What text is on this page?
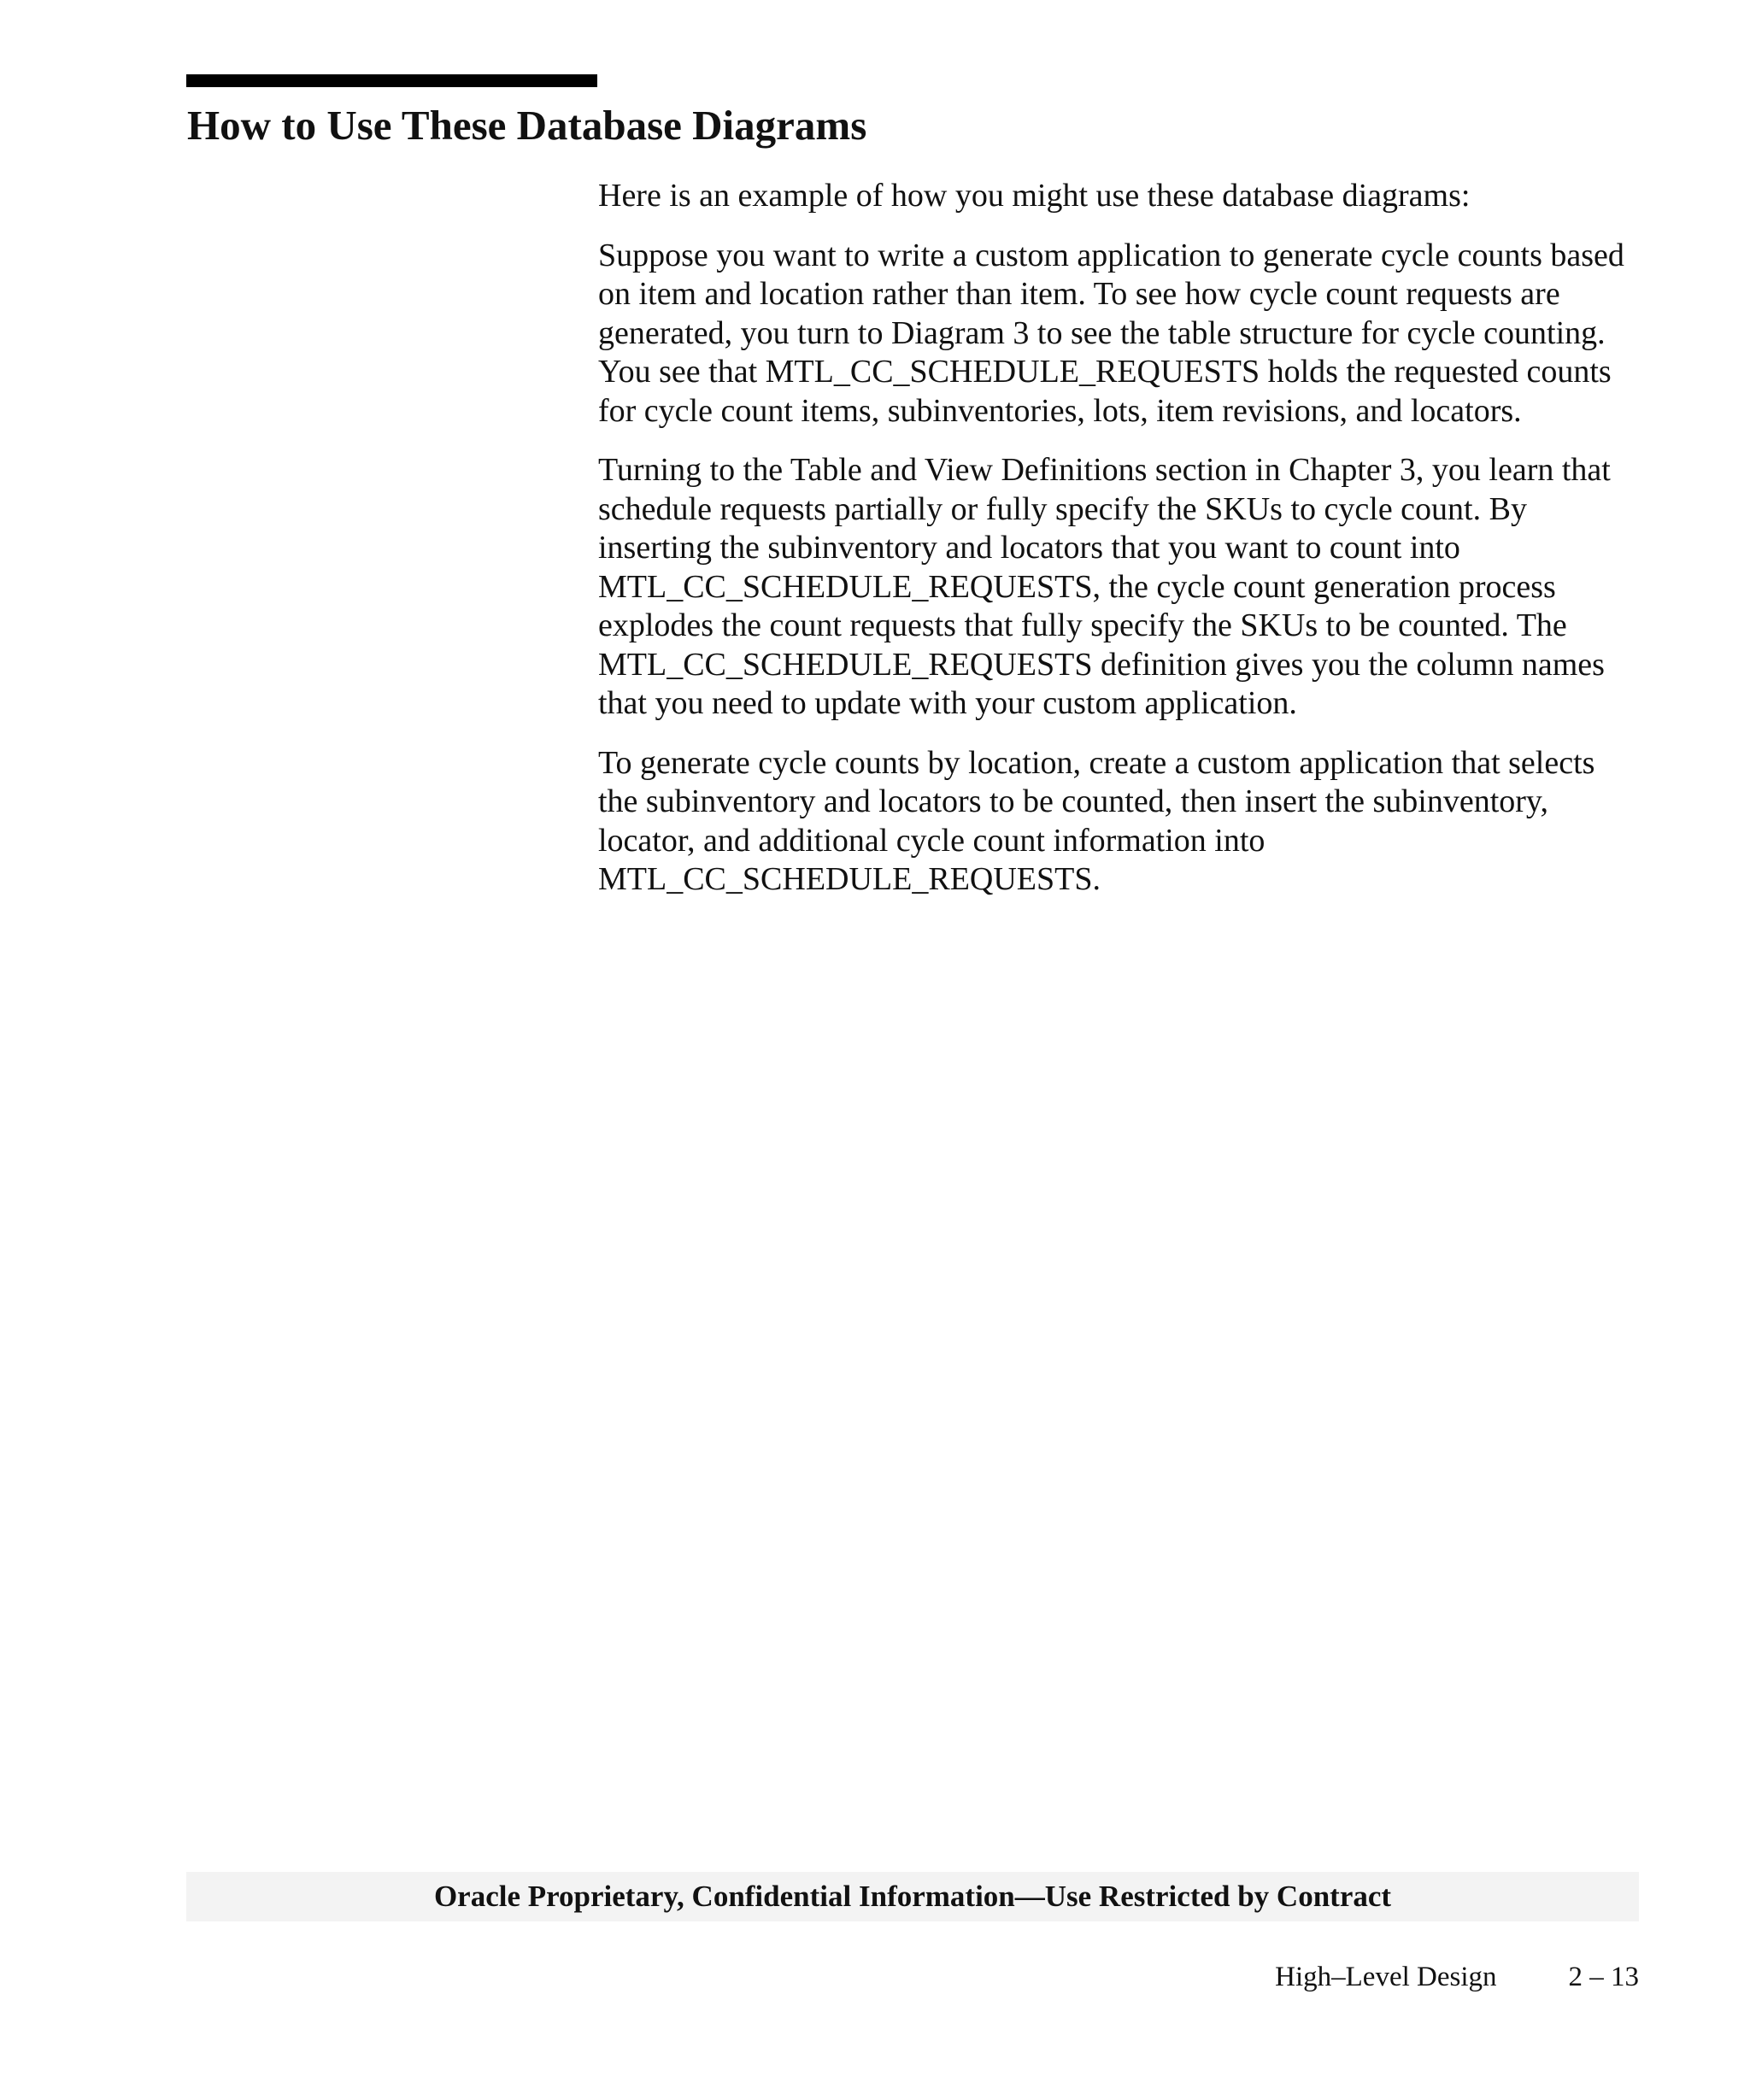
How to Use These Database Diagrams

Here is an example of how you might use these database diagrams:

Suppose you want to write a custom application to generate cycle counts based on item and location rather than item. To see how cycle count requests are generated, you turn to Diagram 3 to see the table structure for cycle counting. You see that MTL_CC_SCHEDULE_REQUESTS holds the requested counts for cycle count items, subinventories, lots, item revisions, and locators.

Turning to the Table and View Definitions section in Chapter 3, you learn that schedule requests partially or fully specify the SKUs to cycle count. By inserting the subinventory and locators that you want to count into MTL_CC_SCHEDULE_REQUESTS, the cycle count generation process explodes the count requests that fully specify the SKUs to be counted. The MTL_CC_SCHEDULE_REQUESTS definition gives you the column names that you need to update with your custom application.

To generate cycle counts by location, create a custom application that selects the subinventory and locators to be counted, then insert the subinventory, locator, and additional cycle count information into MTL_CC_SCHEDULE_REQUESTS.

Oracle Proprietary, Confidential Information––Use Restricted by Contract
High–Level Design	2 – 13
